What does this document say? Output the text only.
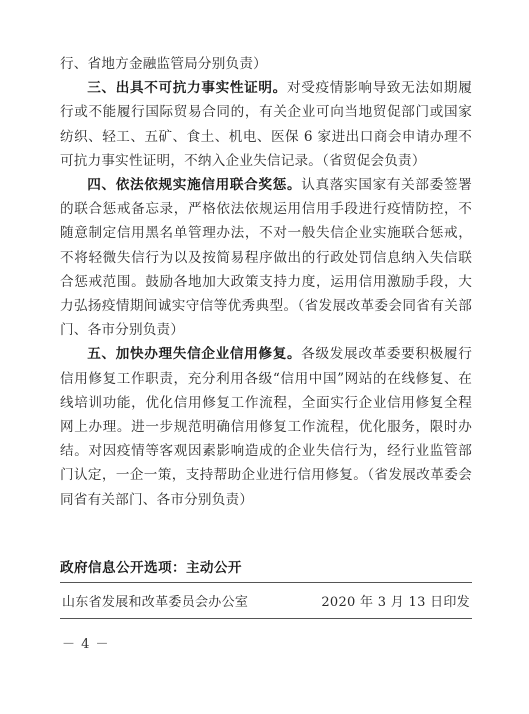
行、省地方金融监管局分别负责）

三、出具不可抗力事实性证明。对受疫情影响导致无法如期履行或不能履行国际贸易合同的，有关企业可向当地贸促部门或国家纺织、轻工、五矿、食土、机电、医保 6 家进出口商会申请办理不可抗力事实性证明，不纳入企业失信记录。（省贸促会负责）

四、依法依规实施信用联合奖惩。认真落实国家有关部委签署的联合惩戒备忘录，严格依法依规运用信用手段进行疫情防控，不随意制定信用黑名单管理办法，不对一般失信企业实施联合惩戒，不将轻微失信行为以及按简易程序做出的行政处罚信息纳入失信联合惩戒范围。鼓励各地加大政策支持力度，运用信用激励手段，大力弘扬疫情期间诚实守信等优秀典型。（省发展改革委会同省有关部门、各市分别负责）

五、加快办理失信企业信用修复。各级发展改革委要积极履行信用修复工作职责，充分利用各级“信用中国”网站的在线修复、在线培训功能，优化信用修复工作流程，全面实行企业信用修复全程网上办理。进一步规范明确信用修复工作流程，优化服务，限时办结。对因疫情等客观因素影响造成的企业失信行为，经行业监管部门认定，一企一策，支持帮助企业进行信用修复。（省发展改革委会同省有关部门、各市分别负责）

政府信息公开选项：主动公开
山东省发展和改革委员会办公室	2020 年 3 月 13 日印发
－ 4 －
